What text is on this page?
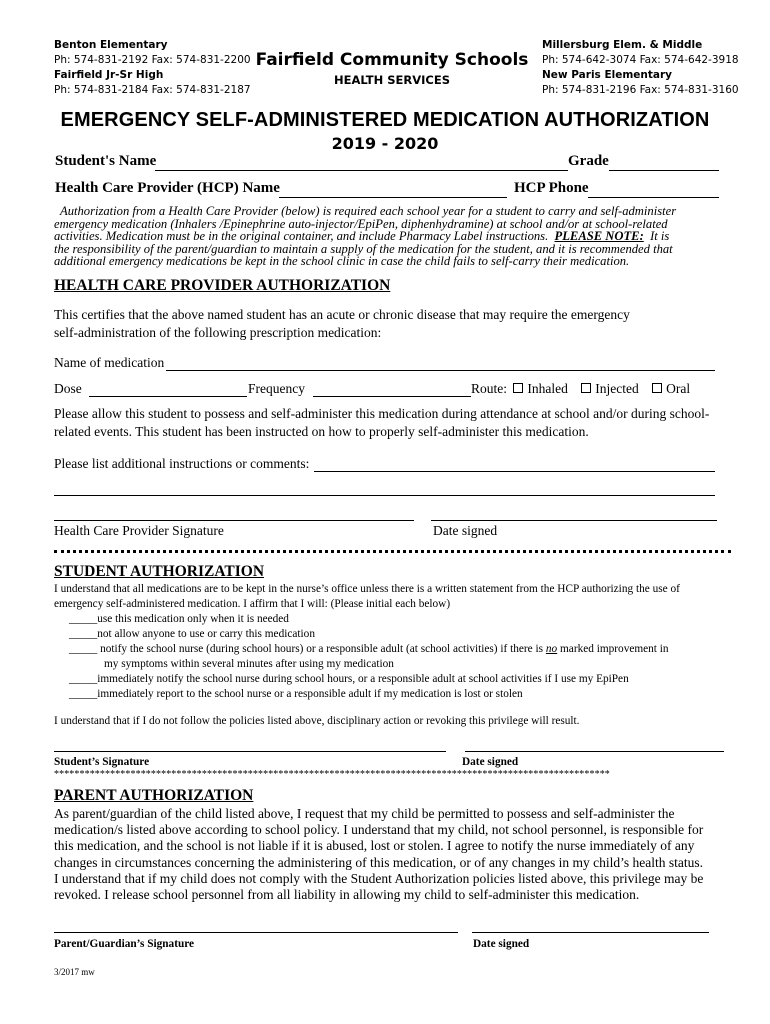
Benton Elementary
Ph: 574-831-2192 Fax: 574-831-2200
Fairfield Jr-Sr High
Ph: 574-831-2184 Fax: 574-831-2187
Fairfield Community Schools
HEALTH SERVICES
Millersburg Elem. & Middle
Ph: 574-642-3074 Fax: 574-642-3918
New Paris Elementary
Ph: 574-831-2196 Fax: 574-831-3160
EMERGENCY SELF-ADMINISTERED MEDICATION AUTHORIZATION
2019 - 2020
Student's Name	Grade
Health Care Provider (HCP) Name	HCP Phone
Authorization from a Health Care Provider (below) is required each school year for a student to carry and self-administer
emergency medication (Inhalers /Epinephrine auto-injector/EpiPen, diphenhydramine) at school and/or at school-related
activities. Medication must be in the original container, and include Pharmacy Label instructions. PLEASE NOTE: It is
the responsibility of the parent/guardian to maintain a supply of the medication for the student, and it is recommended that
additional emergency medications be kept in the school clinic in case the child fails to self-carry their medication.
HEALTH CARE PROVIDER AUTHORIZATION
This certifies that the above named student has an acute or chronic disease that may require the emergency
self-administration of the following prescription medication:
Name of medication
Dose	Frequency	Route: Inhaled Injected Oral
Please allow this student to possess and self-administer this medication during attendance at school and/or during school-
related events. This student has been instructed on how to properly self-administer this medication.
Please list additional instructions or comments:
Health Care Provider Signature	Date signed
STUDENT AUTHORIZATION
I understand that all medications are to be kept in the nurse’s office unless there is a written statement from the HCP authorizing the use of
emergency self-administered medication. I affirm that I will: (Please initial each below)
_____use this medication only when it is needed
_____not allow anyone to use or carry this medication
_____ notify the school nurse (during school hours) or a responsible adult (at school activities) if there is no marked improvement in
my symptoms within several minutes after using my medication
_____immediately notify the school nurse during school hours, or a responsible adult at school activities if I use my EpiPen
_____immediately report to the school nurse or a responsible adult if my medication is lost or stolen
I understand that if I do not follow the policies listed above, disciplinary action or revoking this privilege will result.
Student’s Signature	Date signed
*************************************************************************************************************
PARENT AUTHORIZATION
As parent/guardian of the child listed above, I request that my child be permitted to possess and self-administer the
medication/s listed above according to school policy. I understand that my child, not school personnel, is responsible for
this medication, and the school is not liable if it is abused, lost or stolen. I agree to notify the nurse immediately of any
changes in circumstances concerning the administering of this medication, or of any changes in my child’s health status.
I understand that if my child does not comply with the Student Authorization policies listed above, this privilege may be
revoked. I release school personnel from all liability in allowing my child to self-administer this medication.
Parent/Guardian’s Signature	Date signed
3/2017 mw
